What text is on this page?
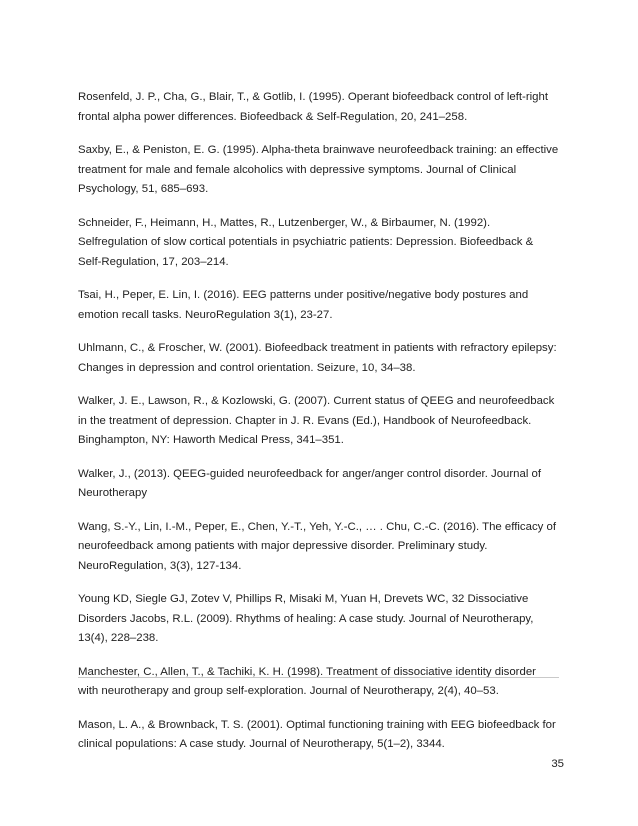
Rosenfeld, J. P., Cha, G., Blair, T., & Gotlib, I. (1995). Operant biofeedback control of left-right
frontal alpha power differences. Biofeedback & Self-Regulation, 20, 241–258.

Saxby, E., & Peniston, E. G. (1995). Alpha-theta brainwave neurofeedback training: an effective
treatment for male and female alcoholics with depressive symptoms. Journal of Clinical
Psychology, 51, 685–693.

Schneider, F., Heimann, H., Mattes, R., Lutzenberger, W., & Birbaumer, N. (1992).
Selfregulation of slow cortical potentials in psychiatric patients: Depression. Biofeedback &
Self-Regulation, 17, 203–214.

Tsai, H., Peper, E. Lin, I. (2016). EEG patterns under positive/negative body postures and
emotion recall tasks. NeuroRegulation 3(1), 23-27.

Uhlmann, C., & Froscher, W. (2001). Biofeedback treatment in patients with refractory epilepsy:
Changes in depression and control orientation. Seizure, 10, 34–38.

Walker, J. E., Lawson, R., & Kozlowski, G. (2007). Current status of QEEG and neurofeedback
in the treatment of depression. Chapter in J. R. Evans (Ed.), Handbook of Neurofeedback.
Binghampton, NY: Haworth Medical Press, 341–351.

Walker, J., (2013). QEEG-guided neurofeedback for anger/anger control disorder. Journal of
Neurotherapy

Wang, S.-Y., Lin, I.-M., Peper, E., Chen, Y.-T., Yeh, Y.-C., … . Chu, C.-C. (2016). The efficacy of
neurofeedback among patients with major depressive disorder. Preliminary study.
NeuroRegulation, 3(3), 127-134.

Young KD, Siegle GJ, Zotev V, Phillips R, Misaki M, Yuan H, Drevets WC, 32 Dissociative
Disorders Jacobs, R.L. (2009). Rhythms of healing: A case study. Journal of Neurotherapy,
13(4), 228–238.

Manchester, C., Allen, T., & Tachiki, K. H. (1998). Treatment of dissociative identity disorder
with neurotherapy and group self-exploration. Journal of Neurotherapy, 2(4), 40–53.

Mason, L. A., & Brownback, T. S. (2001). Optimal functioning training with EEG biofeedback for
clinical populations: A case study. Journal of Neurotherapy, 5(1–2), 3344.

35
